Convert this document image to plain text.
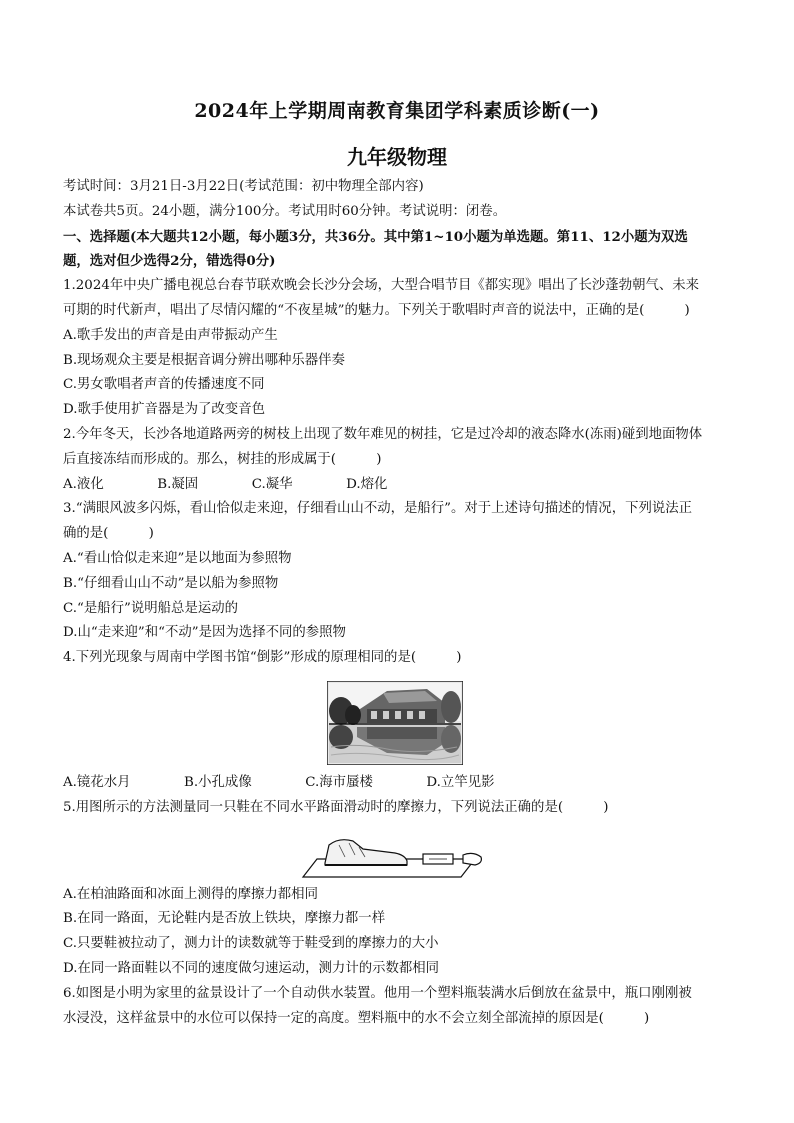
2024年上学期周南教育集团学科素质诊断(一)
九年级物理

考试时间：3月21日-3月22日(考试范围：初中物理全部内容)

本试卷共5页。24小题，满分100分。考试用时60分钟。考试说明：闭卷。

一、选择题(本大题共12小题，每小题3分，共36分。其中第1~10小题为单选题。第11、12小题为双选

题，选对但少选得2分，错选得0分)

1.2024年中央广播电视总台春节联欢晚会长沙分会场，大型合唱节目《都实现》唱出了长沙蓬勃朝气、未来

可期的时代新声，唱出了尽情闪耀的“不夜星城”的魅力。下列关于歌唱时声音的说法中，正确的是(　　　)

A.歌手发出的声音是由声带振动产生

B.现场观众主要是根据音调分辨出哪种乐器伴奏

C.男女歌唱者声音的传播速度不同

D.歌手使用扩音器是为了改变音色

2.今年冬天，长沙各地道路两旁的树枝上出现了数年难见的树挂，它是过冷却的液态降水(冻雨)碰到地面物体

后直接冻结而形成的。那么，树挂的形成属于(　　　)

A.液化　　　　B.凝固　　　　C.凝华　　　　D.熔化

3.“满眼风波多闪烁，看山恰似走来迎，仔细看山山不动，是船行”。对于上述诗句描述的情况，下列说法正

确的是(　　　)

A.“看山恰似走来迎”是以地面为参照物

B.“仔细看山山不动”是以船为参照物

C.“是船行”说明船总是运动的

D.山“走来迎”和“不动”是因为选择不同的参照物

4.下列光现象与周南中学图书馆“倒影”形成的原理相同的是(　　　)

A.镜花水月　　　　B.小孔成像　　　　C.海市蜃楼　　　　D.立竿见影

5.用图所示的方法测量同一只鞋在不同水平路面滑动时的摩擦力，下列说法正确的是(　　　)

A.在柏油路面和冰面上测得的摩擦力都相同

B.在同一路面，无论鞋内是否放上铁块，摩擦力都一样

C.只要鞋被拉动了，测力计的读数就等于鞋受到的摩擦力的大小

D.在同一路面鞋以不同的速度做匀速运动，测力计的示数都相同

6.如图是小明为家里的盆景设计了一个自动供水装置。他用一个塑料瓶装满水后倒放在盆景中，瓶口刚刚被

水浸没，这样盆景中的水位可以保持一定的高度。塑料瓶中的水不会立刻全部流掉的原因是(　　　)
